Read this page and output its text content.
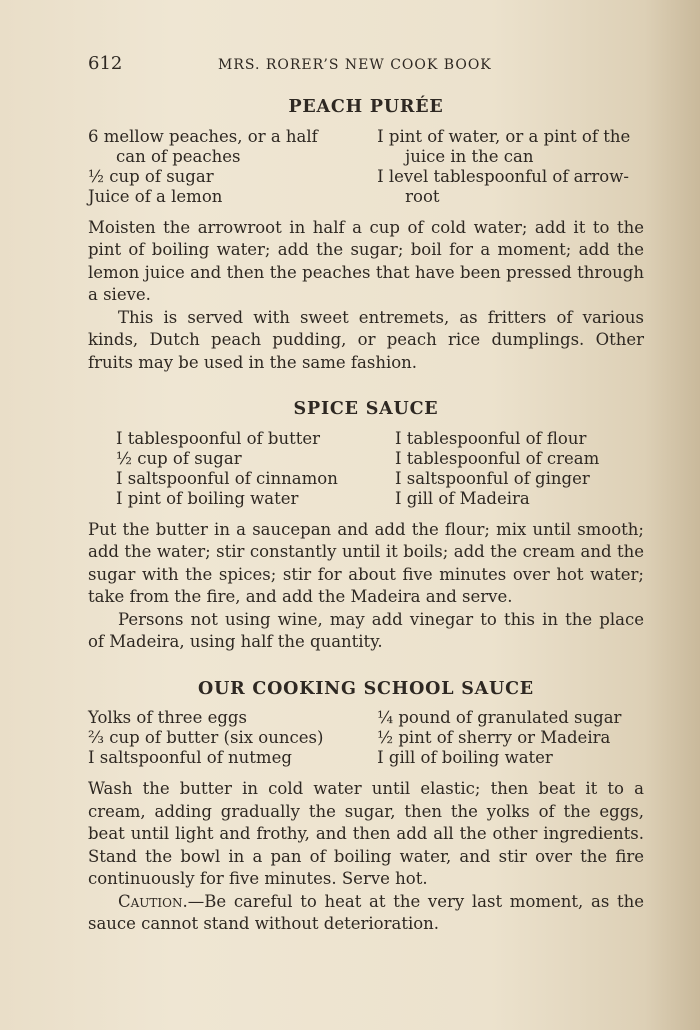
612	MRS. RORER’S NEW COOK BOOK
PEACH PURÉE
6 mellow peaches, or a half
can of peaches
½ cup of sugar
Juice of a lemon
I pint of water, or a pint of the
juice in the can
I level tablespoonful of arrow-
root

Moisten the arrowroot in half a cup of cold water; add it to the pint of boiling water; add the sugar; boil for a moment; add the lemon juice and then the peaches that have been pressed through a sieve.

This is served with sweet entremets, as fritters of various kinds, Dutch peach pudding, or peach rice dumplings. Other fruits may be used in the same fashion.

SPICE SAUCE
I tablespoonful of butter
½ cup of sugar
I saltspoonful of cinnamon
I pint of boiling water
I tablespoonful of flour
I tablespoonful of cream
I saltspoonful of ginger
I gill of Madeira

Put the butter in a saucepan and add the flour; mix until smooth; add the water; stir constantly until it boils; add the cream and the sugar with the spices; stir for about five minutes over hot water; take from the fire, and add the Madeira and serve.

Persons not using wine, may add vinegar to this in the place of Madeira, using half the quantity.

OUR COOKING SCHOOL SAUCE
Yolks of three eggs
⅔ cup of butter (six ounces)
I saltspoonful of nutmeg
¼ pound of granulated sugar
½ pint of sherry or Madeira
I gill of boiling water

Wash the butter in cold water until elastic; then beat it to a cream, adding gradually the sugar, then the yolks of the eggs, beat until light and frothy, and then add all the other ingredients. Stand the bowl in a pan of boiling water, and stir over the fire continuously for five minutes. Serve hot.

Caution.—Be careful to heat at the very last moment, as the sauce cannot stand without deterioration.
